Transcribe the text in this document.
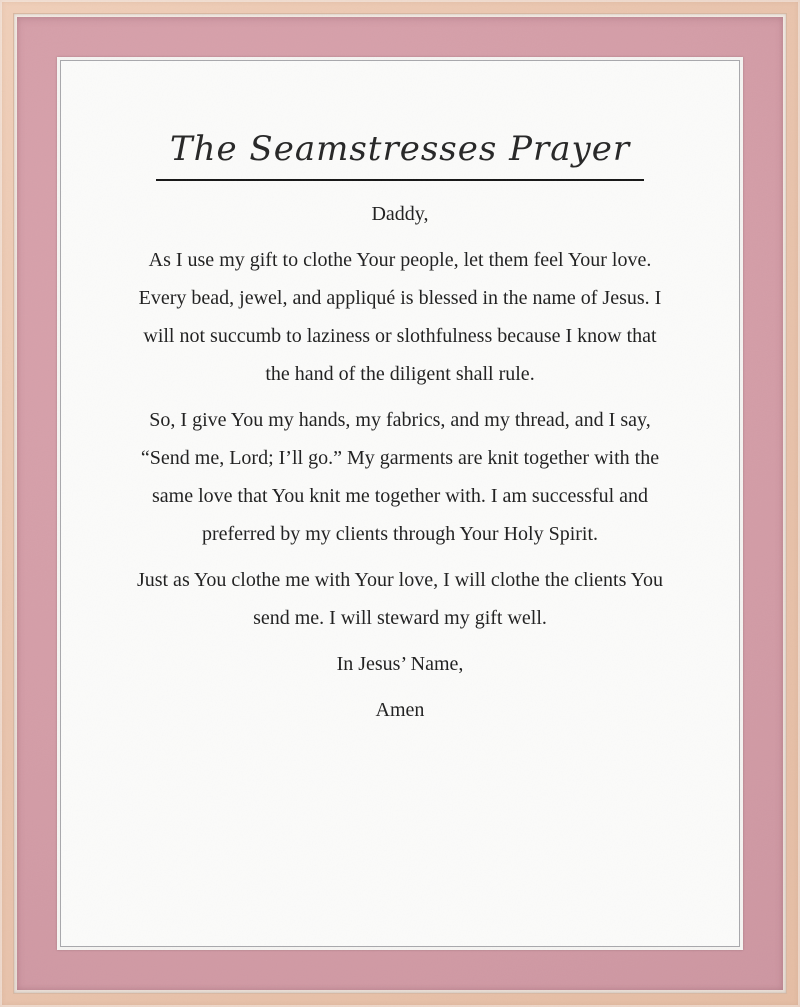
The Seamstresses Prayer

Daddy,

As I use my gift to clothe Your people, let them feel Your love. Every bead, jewel, and appliqué is blessed in the name of Jesus. I will not succumb to laziness or slothfulness because I know that the hand of the diligent shall rule.

So, I give You my hands, my fabrics, and my thread, and I say, “Send me, Lord; I’ll go.” My garments are knit together with the same love that You knit me together with. I am successful and preferred by my clients through Your Holy Spirit.

Just as You clothe me with Your love, I will clothe the clients You send me. I will steward my gift well.

In Jesus’ Name,

Amen
